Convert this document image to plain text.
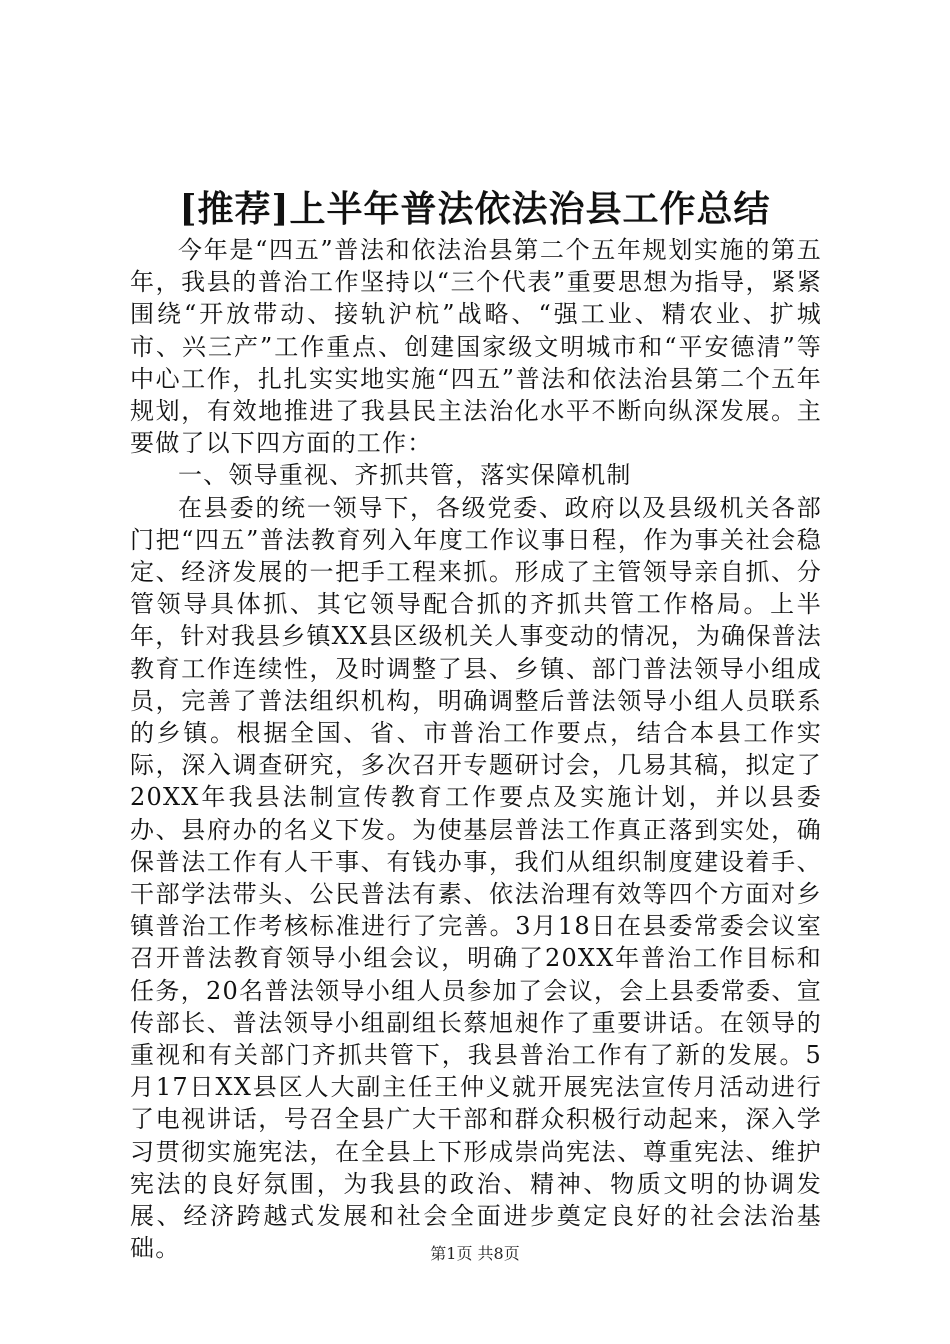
[推荐]上半年普法依法治县工作总结

今年是“四五”普法和依法治县第二个五年规划实施的第五年，我县的普治工作坚持以“三个代表”重要思想为指导，紧紧围绕“开放带动、接轨沪杭”战略、“强工业、精农业、扩城市、兴三产”工作重点、创建国家级文明城市和“平安德清”等中心工作，扎扎实实地实施“四五”普法和依法治县第二个五年规划，有效地推进了我县民主法治化水平不断向纵深发展。主要做了以下四方面的工作：

一、领导重视、齐抓共管，落实保障机制

在县委的统一领导下，各级党委、政府以及县级机关各部门把“四五”普法教育列入年度工作议事日程，作为事关社会稳定、经济发展的一把手工程来抓。形成了主管领导亲自抓、分管领导具体抓、其它领导配合抓的齐抓共管工作格局。上半年，针对我县乡镇XX县区级机关人事变动的情况，为确保普法教育工作连续性，及时调整了县、乡镇、部门普法领导小组成员，完善了普法组织机构，明确调整后普法领导小组人员联系的乡镇。根据全国、省、市普治工作要点，结合本县工作实际，深入调查研究，多次召开专题研讨会，几易其稿，拟定了20XX年我县法制宣传教育工作要点及实施计划，并以县委办、县府办的名义下发。为使基层普法工作真正落到实处，确保普法工作有人干事、有钱办事，我们从组织制度建设着手、干部学法带头、公民普法有素、依法治理有效等四个方面对乡镇普治工作考核标准进行了完善。3月18日在县委常委会议室召开普法教育领导小组会议，明确了20XX年普治工作目标和任务，20名普法领导小组人员参加了会议，会上县委常委、宣传部长、普法领导小组副组长蔡旭昶作了重要讲话。在领导的重视和有关部门齐抓共管下，我县普治工作有了新的发展。5月17日XX县区人大副主任王仲义就开展宪法宣传月活动进行了电视讲话，号召全县广大干部和群众积极行动起来，深入学习贯彻实施宪法，在全县上下形成崇尚宪法、尊重宪法、维护宪法的良好氛围，为我县的政治、精神、物质文明的协调发展、经济跨越式发展和社会全面进步奠定良好的社会法治基础。	第1页 共8页
